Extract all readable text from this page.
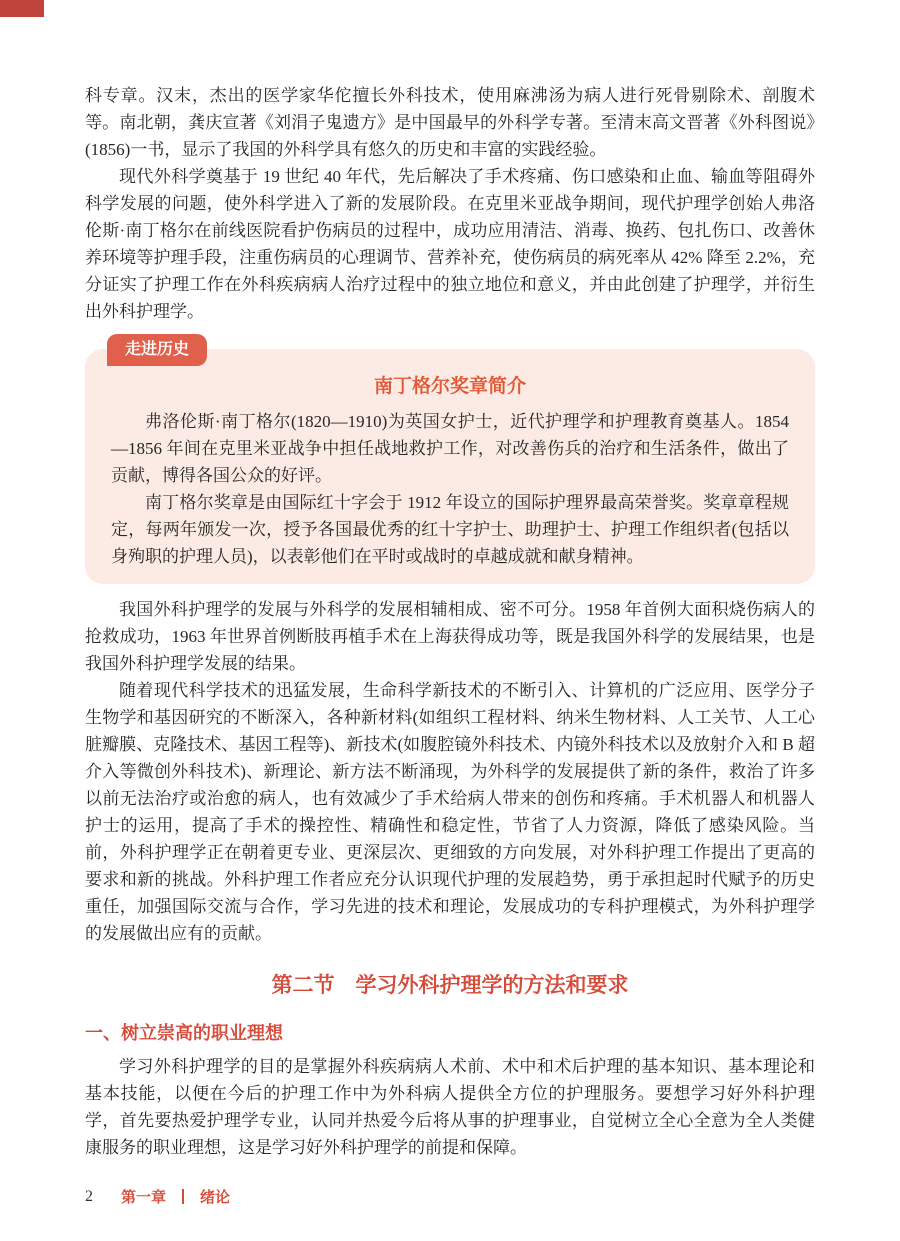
科专章。汉末，杰出的医学家华佗擅长外科技术，使用麻沸汤为病人进行死骨剔除术、剖腹术等。南北朝，龚庆宣著《刘涓子鬼遗方》是中国最早的外科学专著。至清末高文晋著《外科图说》(1856)一书，显示了我国的外科学具有悠久的历史和丰富的实践经验。

现代外科学奠基于 19 世纪 40 年代，先后解决了手术疼痛、伤口感染和止血、输血等阻碍外科学发展的问题，使外科学进入了新的发展阶段。在克里米亚战争期间，现代护理学创始人弗洛伦斯·南丁格尔在前线医院看护伤病员的过程中，成功应用清洁、消毒、换药、包扎伤口、改善休养环境等护理手段，注重伤病员的心理调节、营养补充，使伤病员的病死率从 42% 降至 2.2%，充分证实了护理工作在外科疾病病人治疗过程中的独立地位和意义，并由此创建了护理学，并衍生出外科护理学。

走进历史
南丁格尔奖章简介

弗洛伦斯·南丁格尔(1820—1910)为英国女护士，近代护理学和护理教育奠基人。1854—1856 年间在克里米亚战争中担任战地救护工作，对改善伤兵的治疗和生活条件，做出了贡献，博得各国公众的好评。

南丁格尔奖章是由国际红十字会于 1912 年设立的国际护理界最高荣誉奖。奖章章程规定，每两年颁发一次，授予各国最优秀的红十字护士、助理护士、护理工作组织者(包括以身殉职的护理人员)，以表彰他们在平时或战时的卓越成就和献身精神。

我国外科护理学的发展与外科学的发展相辅相成、密不可分。1958 年首例大面积烧伤病人的抢救成功，1963 年世界首例断肢再植手术在上海获得成功等，既是我国外科学的发展结果，也是我国外科护理学发展的结果。

随着现代科学技术的迅猛发展，生命科学新技术的不断引入、计算机的广泛应用、医学分子生物学和基因研究的不断深入，各种新材料(如组织工程材料、纳米生物材料、人工关节、人工心脏瓣膜、克隆技术、基因工程等)、新技术(如腹腔镜外科技术、内镜外科技术以及放射介入和 B 超介入等微创外科技术)、新理论、新方法不断涌现，为外科学的发展提供了新的条件，救治了许多以前无法治疗或治愈的病人，也有效减少了手术给病人带来的创伤和疼痛。手术机器人和机器人护士的运用，提高了手术的操控性、精确性和稳定性，节省了人力资源，降低了感染风险。当前，外科护理学正在朝着更专业、更深层次、更细致的方向发展，对外科护理工作提出了更高的要求和新的挑战。外科护理工作者应充分认识现代护理的发展趋势，勇于承担起时代赋予的历史重任，加强国际交流与合作，学习先进的技术和理论，发展成功的专科护理模式，为外科护理学的发展做出应有的贡献。

第二节　学习外科护理学的方法和要求
一、树立崇高的职业理想

学习外科护理学的目的是掌握外科疾病病人术前、术中和术后护理的基本知识、基本理论和基本技能，以便在今后的护理工作中为外科病人提供全方位的护理服务。要想学习好外科护理学，首先要热爱护理学专业，认同并热爱今后将从事的护理事业，自觉树立全心全意为全人类健康服务的职业理想，这是学习好外科护理学的前提和保障。

2 第一章 绪论
